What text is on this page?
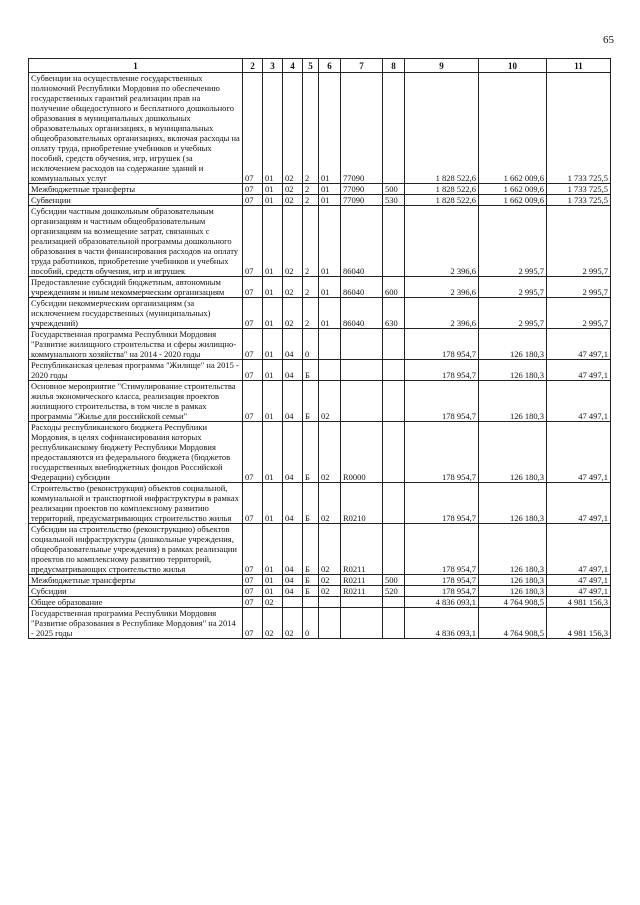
65
1	2	3	4	5	6	7	8	9	10	11
Субвенции на осуществление государственных полномочий Республики Мордовия по обеспечению государственных гарантий реализации прав на получение общедоступного и бесплатного дошкольного образования в муниципальных дошкольных образовательных организациях, в муниципальных общеобразовательных организациях, включая расходы на оплату труда, приобретение учебников и учебных пособий, средств обучения, игр, игрушек (за исключением расходов на содержание зданий и коммунальных услуг	07	01	02	2	01	77090		1 828 522,6	1 662 009,6	1 733 725,5
Межбюджетные трансферты	07	01	02	2	01	77090	500	1 828 522,6	1 662 009,6	1 733 725,5
Субвенции	07	01	02	2	01	77090	530	1 828 522,6	1 662 009,6	1 733 725,5
Субсидии частным дошкольным образовательным организациям и частным общеобразовательным организациям на возмещение затрат, связанных с реализацией образовательной программы дошкольного образования в части финансирования расходов на оплату труда работников, приобретение учебников и учебных пособий, средств обучения, игр и игрушек	07	01	02	2	01	86040		2 396,6	2 995,7	2 995,7
Предоставление субсидий бюджетным, автономным учреждениям и иным некоммерческим организациям	07	01	02	2	01	86040	600	2 396,6	2 995,7	2 995,7
Субсидии некоммерческим организациям (за исключением государственных (муниципальных) учреждений)	07	01	02	2	01	86040	630	2 396,6	2 995,7	2 995,7
Государственная программа Республики Мордовия "Развитие жилищного строительства и сферы жилищно-коммунального хозяйства" на 2014 - 2020 годы	07	01	04	0				178 954,7	126 180,3	47 497,1
Республиканская целевая программа "Жилище" на 2015 - 2020 годы	07	01	04	Б				178 954,7	126 180,3	47 497,1
Основное мероприятие "Стимулирование строительства жилья экономического класса, реализация проектов жилищного строительства, в том числе в рамках программы "Жилье для российской семьи"	07	01	04	Б	02			178 954,7	126 180,3	47 497,1
Расходы республиканского бюджета Республики Мордовия, в целях софинансирования которых республиканскому бюджету Республики Мордовия предоставляются из федерального бюджета (бюджетов государственных внебюджетных фондов Российской Федерации) субсидии	07	01	04	Б	02	R0000		178 954,7	126 180,3	47 497,1
Строительство (реконструкция) объектов социальной, коммунальной и транспортной инфраструктуры в рамках реализации проектов по комплексному развитию территорий, предусматривающих строительство жилья	07	01	04	Б	02	R0210		178 954,7	126 180,3	47 497,1
Субсидии на строительство (реконструкцию) объектов социальной инфраструктуры (дошкольные учреждения, общеобразовательные учреждения) в рамках реализации проектов по комплексному развитию территорий, предусматривающих строительство жилья	07	01	04	Б	02	R0211		178 954,7	126 180,3	47 497,1
Межбюджетные трансферты	07	01	04	Б	02	R0211	500	178 954,7	126 180,3	47 497,1
Субсидии	07	01	04	Б	02	R0211	520	178 954,7	126 180,3	47 497,1
Общее образование	07	02						4 836 093,1	4 764 908,5	4 981 156,3
Государственная программа Республики Мордовия "Развитие образования в Республике Мордовия" на 2014 - 2025 годы	07	02	02	0				4 836 093,1	4 764 908,5	4 981 156,3
